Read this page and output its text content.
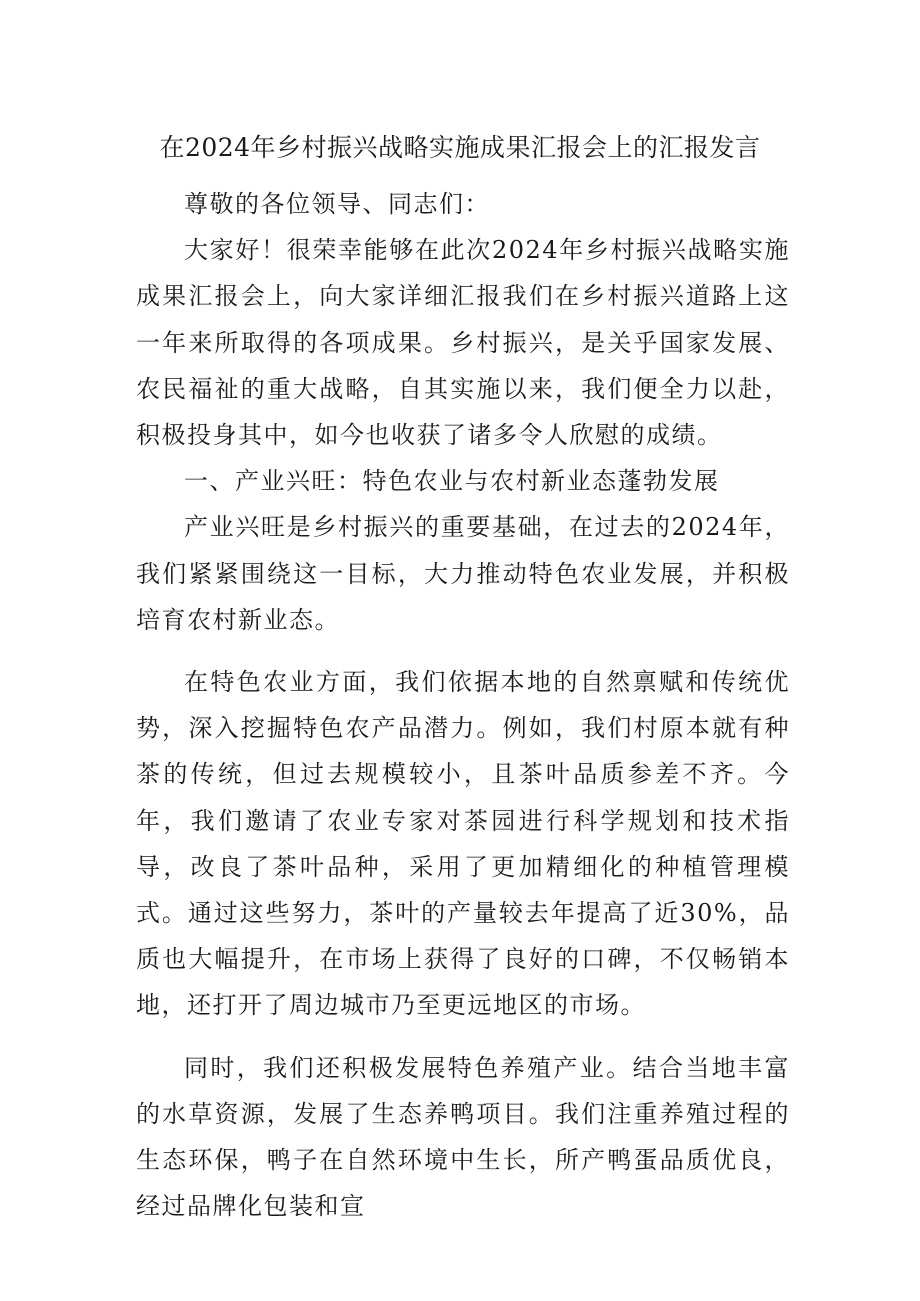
在2024年乡村振兴战略实施成果汇报会上的汇报发言

尊敬的各位领导、同志们：

大家好！很荣幸能够在此次2024年乡村振兴战略实施成果汇报会上，向大家详细汇报我们在乡村振兴道路上这一年来所取得的各项成果。乡村振兴，是关乎国家发展、农民福祉的重大战略，自其实施以来，我们便全力以赴，积极投身其中，如今也收获了诸多令人欣慰的成绩。

一、产业兴旺：特色农业与农村新业态蓬勃发展

产业兴旺是乡村振兴的重要基础，在过去的2024年，我们紧紧围绕这一目标，大力推动特色农业发展，并积极培育农村新业态。

在特色农业方面，我们依据本地的自然禀赋和传统优势，深入挖掘特色农产品潜力。例如，我们村原本就有种茶的传统，但过去规模较小，且茶叶品质参差不齐。今年，我们邀请了农业专家对茶园进行科学规划和技术指导，改良了茶叶品种，采用了更加精细化的种植管理模式。通过这些努力，茶叶的产量较去年提高了近30%，品质也大幅提升，在市场上获得了良好的口碑，不仅畅销本地，还打开了周边城市乃至更远地区的市场。

同时，我们还积极发展特色养殖产业。结合当地丰富的水草资源，发展了生态养鸭项目。我们注重养殖过程的生态环保，鸭子在自然环境中生长，所产鸭蛋品质优良，经过品牌化包装和宣
